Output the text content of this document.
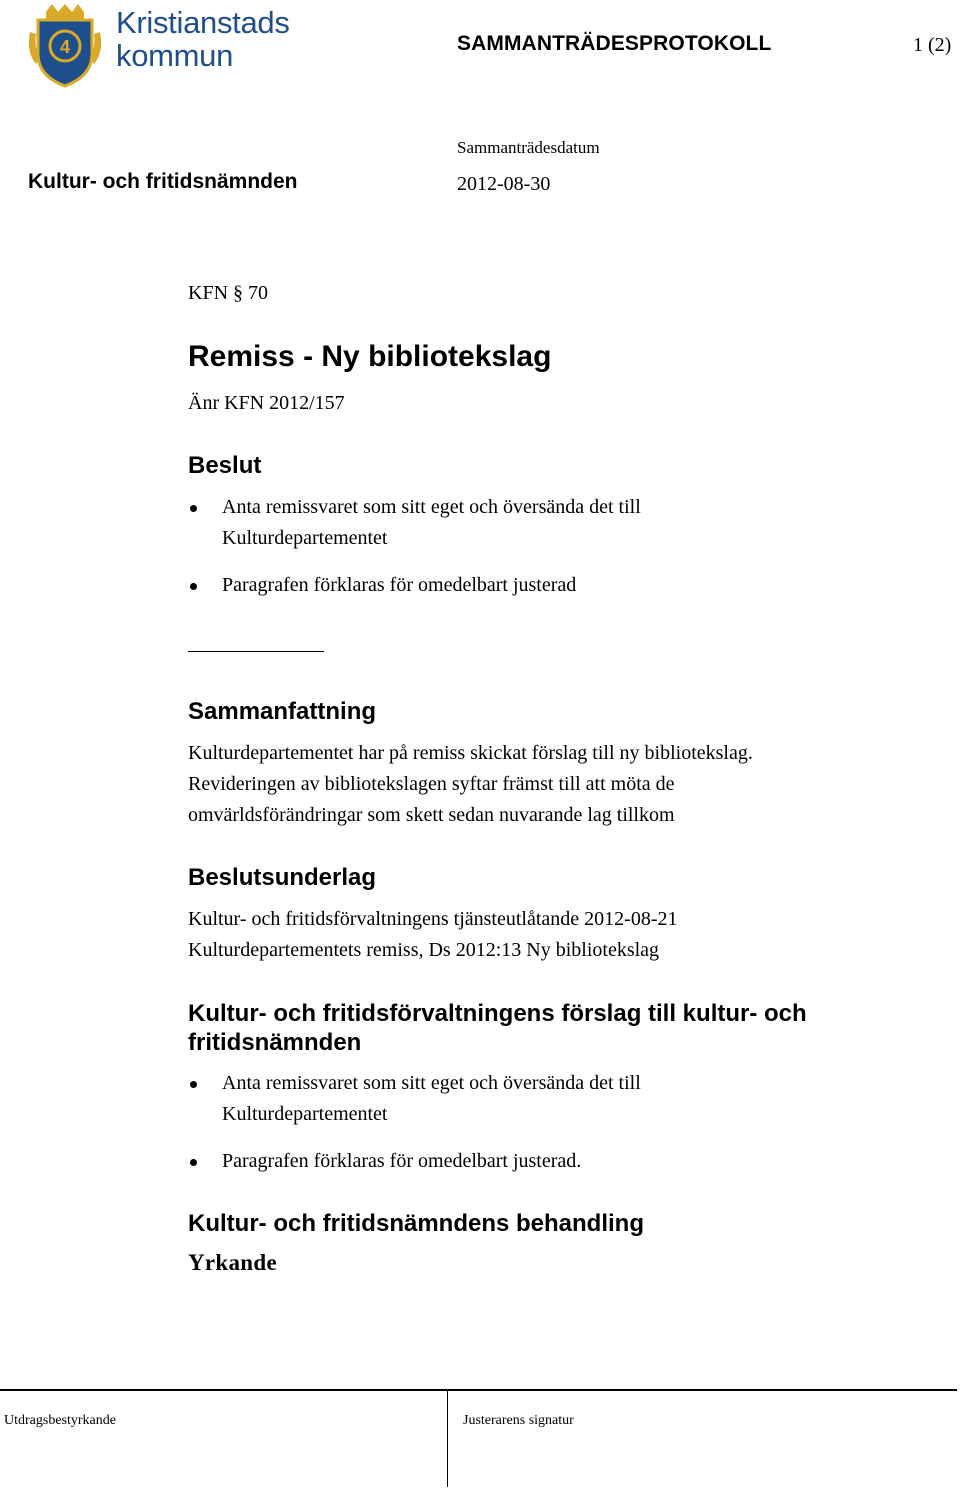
4
Kristianstads
kommun	SAMMANTRÄDESPROTOKOLL	1 (2)
Sammanträdesdatum
Kultur- och fritidsnämnden	2012-08-30
KFN § 70
Remiss - Ny bibliotekslag
Änr KFN 2012/157
Beslut
Anta remissvaret som sitt eget och översända det till Kulturdepartementet
Paragrafen förklaras för omedelbart justerad
Sammanfattning
Kulturdepartementet har på remiss skickat förslag till ny bibliotekslag. Revideringen av bibliotekslagen syftar främst till att möta de omvärldsförändringar som skett sedan nuvarande lag tillkom
Beslutsunderlag
Kultur- och fritidsförvaltningens tjänsteutlåtande 2012-08-21
Kulturdepartementets remiss, Ds 2012:13 Ny bibliotekslag
Kultur- och fritidsförvaltningens förslag till kultur- och fritidsnämnden
Anta remissvaret som sitt eget och översända det till Kulturdepartementet
Paragrafen förklaras för omedelbart justerad.
Kultur- och fritidsnämndens behandling
Yrkande
Utdragsbestyrkande	Justerarens signatur
